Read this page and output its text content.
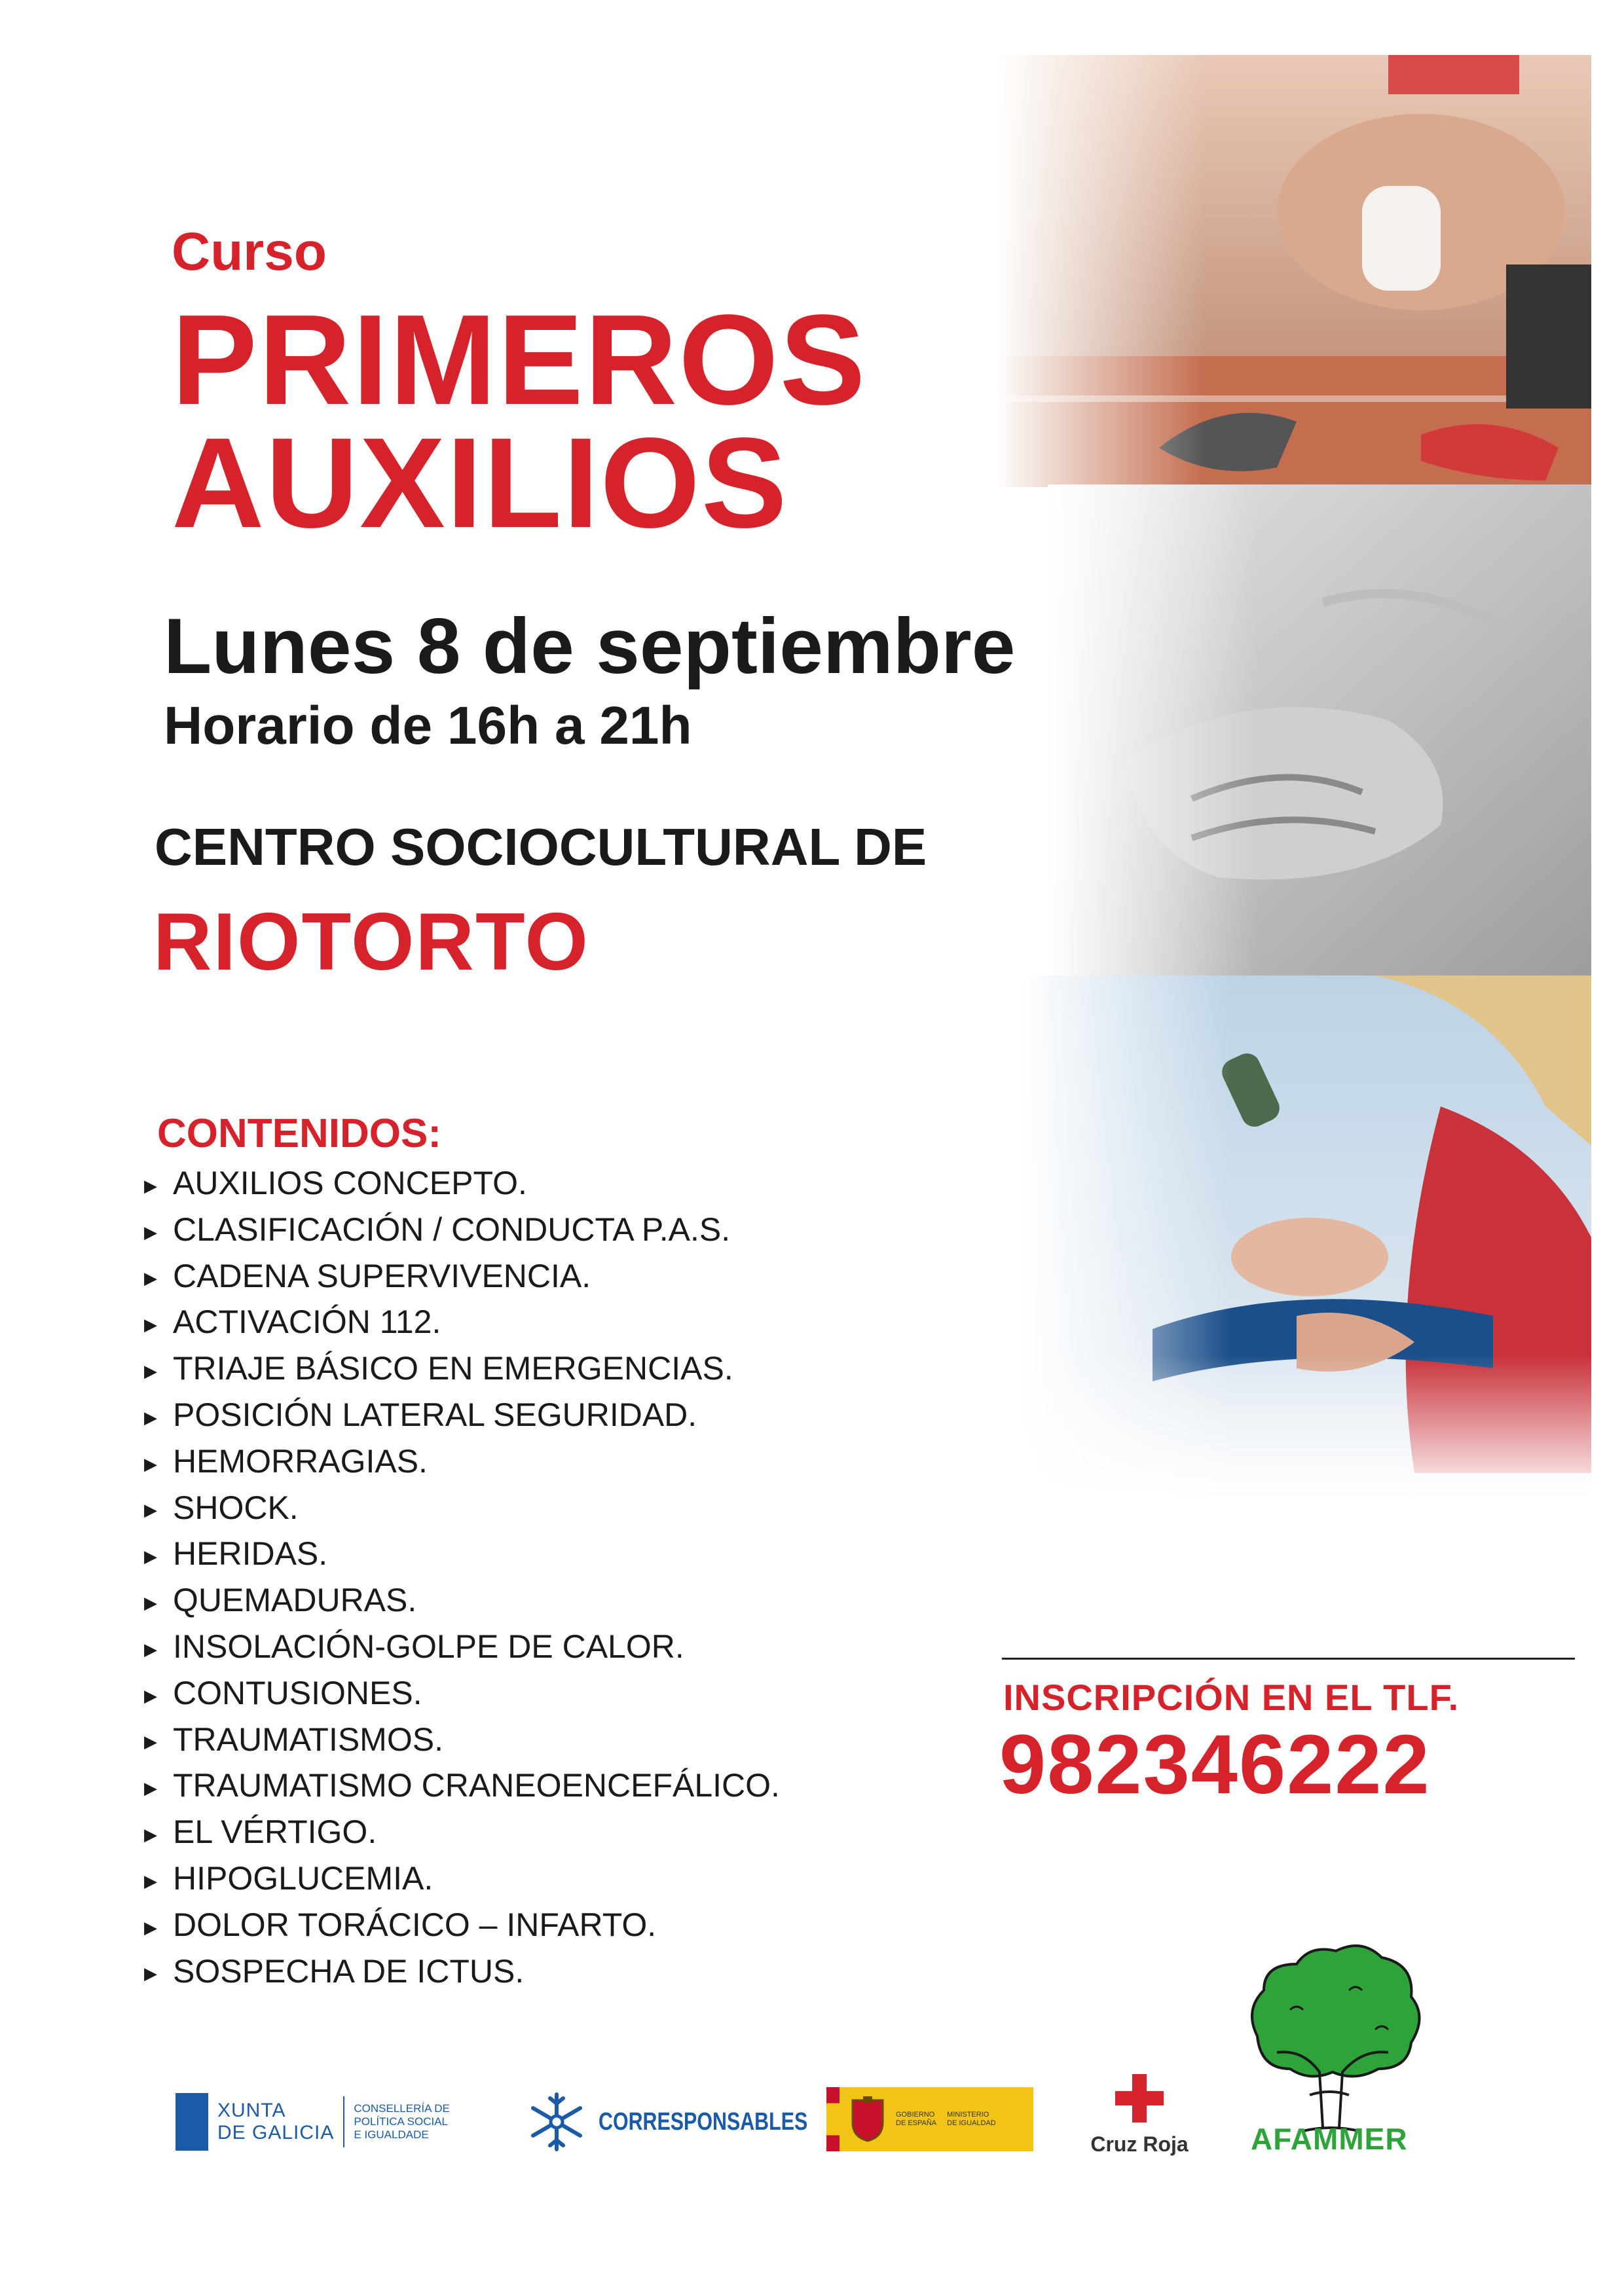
Curso
PRIMEROS
AUXILIOS
Lunes 8 de septiembre
Horario de 16h a 21h
CENTRO SOCIOCULTURAL DE
RIOTORTO
CONTENIDOS:
▶ AUXILIOS CONCEPTO.
▶ CLASIFICACIÓN / CONDUCTA P.A.S.
▶ CADENA SUPERVIVENCIA.
▶ ACTIVACIÓN 112.
▶ TRIAJE BÁSICO EN EMERGENCIAS.
▶ POSICIÓN LATERAL SEGURIDAD.
▶ HEMORRAGIAS.
▶ SHOCK.
▶ HERIDAS.
▶ QUEMADURAS.
▶ INSOLACIÓN-GOLPE DE CALOR.
▶ CONTUSIONES.
▶ TRAUMATISMOS.
▶ TRAUMATISMO CRANEOENCEFÁLICO.
▶ EL VÉRTIGO.
▶ HIPOGLUCEMIA.
▶ DOLOR TORÁCICO – INFARTO.
▶ SOSPECHA DE ICTUS.
INSCRIPCIÓN EN EL TLF.
982346222
AFAMMER
XUNTA
DE GALICIA
CONSELLERÍA DE
POLÍTICA SOCIAL
E IGUALDADE	CORRESPONSABLES	GOBIERNO
DE ESPAÑA
MINISTERIO
DE IGUALDAD
Cruz Roja
